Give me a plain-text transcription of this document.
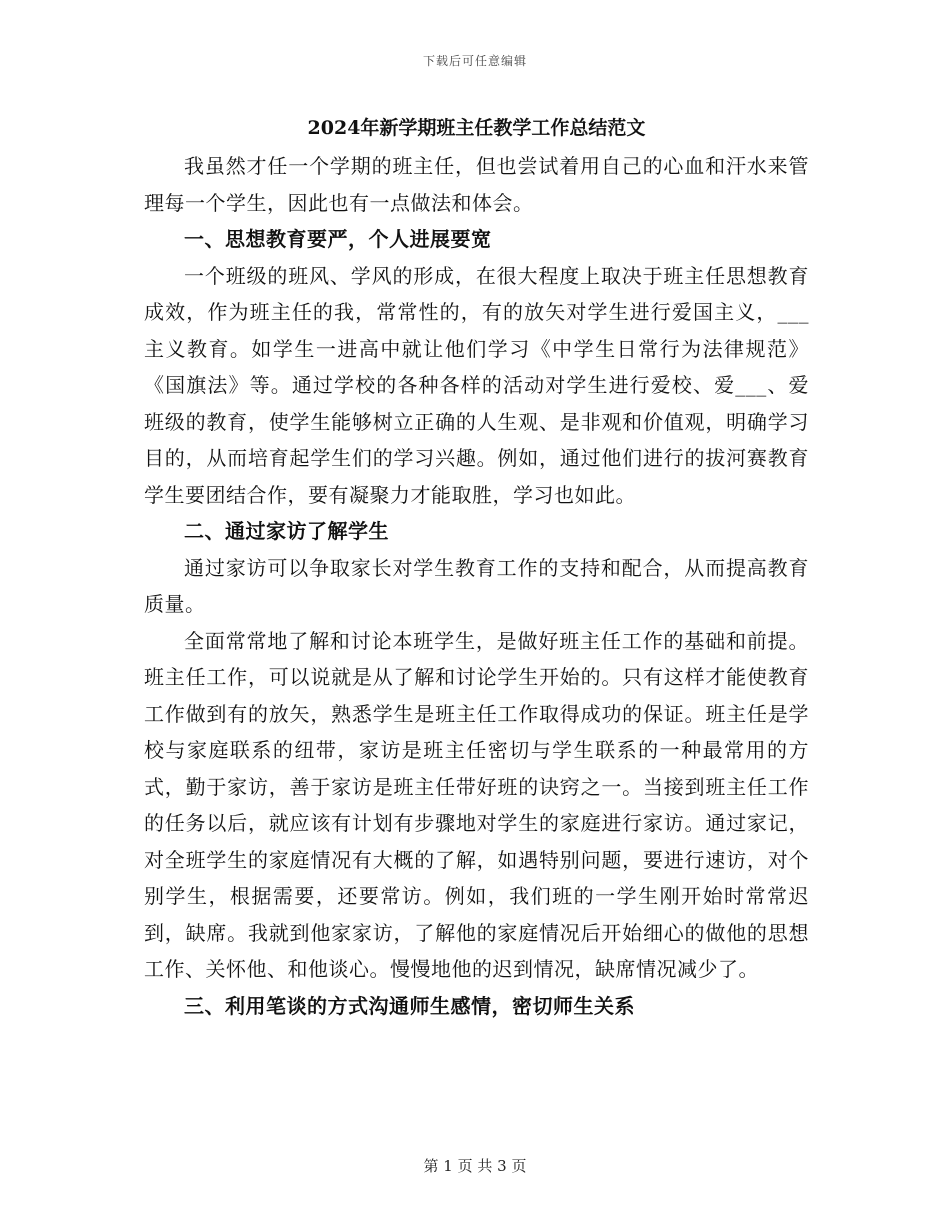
下载后可任意编辑
2024年新学期班主任教学工作总结范文

我虽然才任一个学期的班主任，但也尝试着用自己的心血和汗水来管理每一个学生，因此也有一点做法和体会。

一、思想教育要严，个人进展要宽

一个班级的班风、学风的形成，在很大程度上取决于班主任思想教育成效，作为班主任的我，常常性的，有的放矢对学生进行爱国主义，___主义教育。如学生一进高中就让他们学习《中学生日常行为法律规范》《国旗法》等。通过学校的各种各样的活动对学生进行爱校、爱___、爱班级的教育，使学生能够树立正确的人生观、是非观和价值观，明确学习目的，从而培育起学生们的学习兴趣。例如，通过他们进行的拔河赛教育学生要团结合作，要有凝聚力才能取胜，学习也如此。

二、通过家访了解学生

通过家访可以争取家长对学生教育工作的支持和配合，从而提高教育质量。

全面常常地了解和讨论本班学生，是做好班主任工作的基础和前提。班主任工作，可以说就是从了解和讨论学生开始的。只有这样才能使教育工作做到有的放矢，熟悉学生是班主任工作取得成功的保证。班主任是学校与家庭联系的纽带，家访是班主任密切与学生联系的一种最常用的方式，勤于家访，善于家访是班主任带好班的诀窍之一。当接到班主任工作的任务以后，就应该有计划有步骤地对学生的家庭进行家访。通过家记，对全班学生的家庭情况有大概的了解，如遇特别问题，要进行速访，对个别学生，根据需要，还要常访。例如，我们班的一学生刚开始时常常迟到，缺席。我就到他家家访，了解他的家庭情况后开始细心的做他的思想工作、关怀他、和他谈心。慢慢地他的迟到情况，缺席情况减少了。

三、利用笔谈的方式沟通师生感情，密切师生关系

第 1 页 共 3 页
